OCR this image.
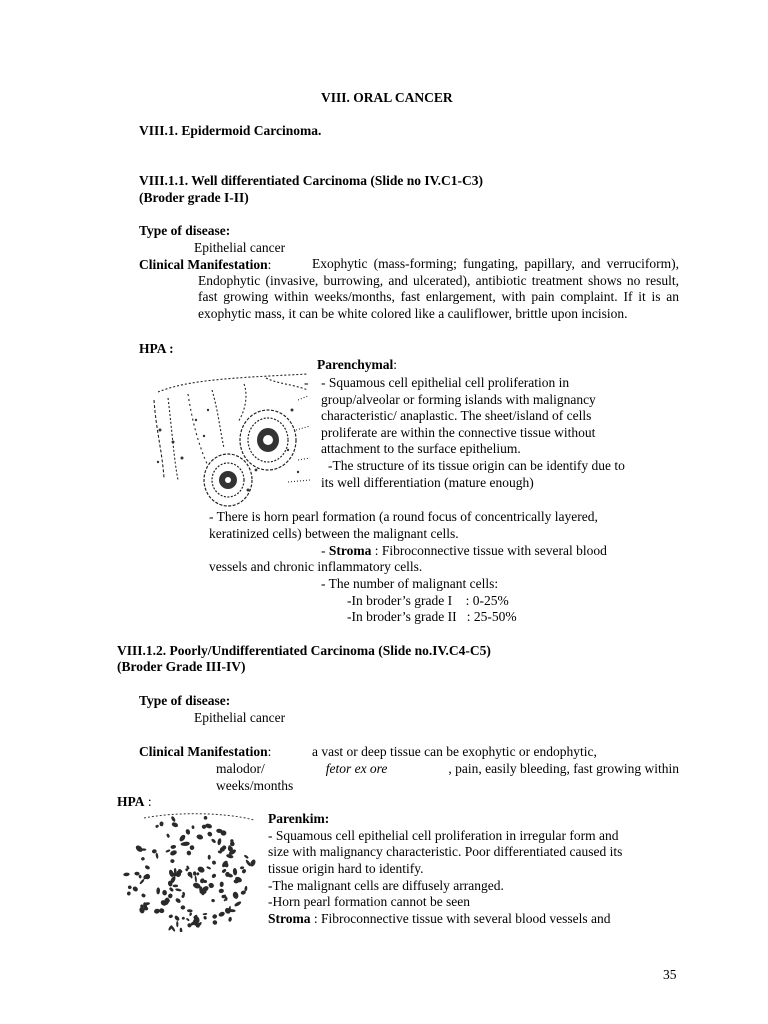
VIII. ORAL CANCER
VIII.1. Epidermoid Carcinoma.
VIII.1.1. Well differentiated Carcinoma (Slide no IV.C1-C3)
(Broder grade I-II)
Type of disease:
Epithelial cancer
Clinical Manifestation:	Exophytic (mass-forming; fungating, papillary, and verruciform), Endophytic (invasive, burrowing, and ulcerated), antibiotic treatment shows no result, fast growing within weeks/months, fast enlargement, with pain complaint. If it is an exophytic mass, it can be white colored like a cauliflower, brittle upon incision.
HPA :
Parenchymal:
- - Squamous cell epithelial cell proliferation in
group/alveolar or forming islands with malignancy
characteristic/ anaplastic. The sheet/island of cells
proliferate are within the connective tissue without
attachment to the surface epithelium.
-The structure of its tissue origin can be identify due to
its well differentiation (mature enough)
- There is horn pearl formation (a round focus of concentrically layered,
keratinized cells) between the malignant cells.
- Stroma : Fibroconnective tissue with several blood
vessels and chronic inflammatory cells.
- The number of malignant cells:
-In broder’s grade I    : 0-25%
-In broder’s grade II   : 25-50%
VIII.1.2. Poorly/Undifferentiated Carcinoma (Slide no.IV.C4-C5)
(Broder Grade III-IV)
Type of disease:
Epithelial cancer
Clinical Manifestation:	a vast or deep tissue can be exophytic or endophytic,
malodor/	fetor ex ore	, pain, easily bleeding, fast growing within
weeks/months
HPA :
Parenkim:
- Squamous cell epithelial cell proliferation in irregular form and
size with malignancy characteristic. Poor differentiated caused its
tissue origin hard to identify.
-The malignant cells are diffusely arranged.
-Horn pearl formation cannot be seen
Stroma : Fibroconnective tissue with several blood vessels and
35
